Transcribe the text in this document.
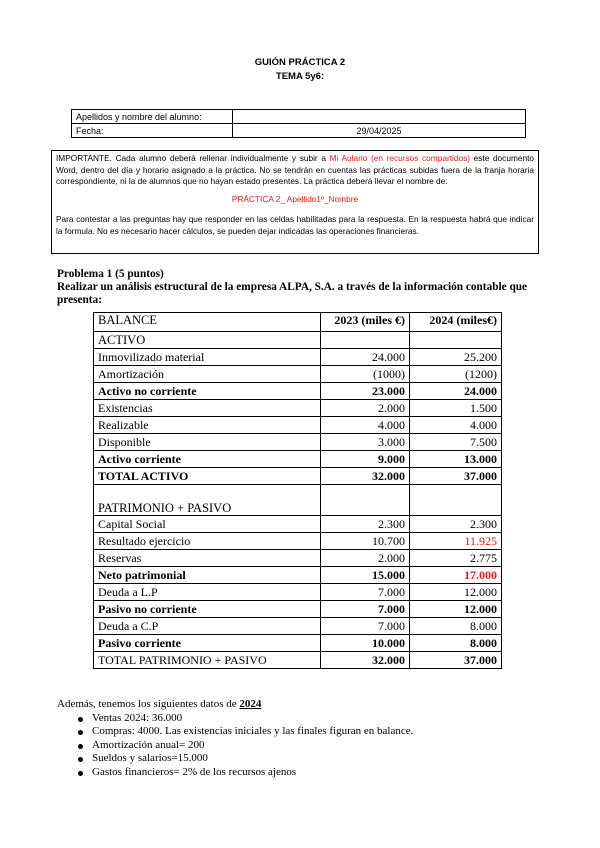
GUIÓN PRÁCTICA 2
TEMA 5y6:
Apellidos y nombre del alumno:	
Fecha:	29/04/2025

IMPORTANTE. Cada alumno deberá rellenar individualmente y subir a Mi Aulario (en recursos compartidos) este documento Word, dentro del día y horario asignado a la práctica. No se tendrán en cuentas las prácticas subidas fuera de la franja horaria correspondiente, ni la de alumnos que no hayan estado presentes. La práctica deberá llevar el nombre de:

PRÁCTICA 2_ Apellido1º_Nombre

Para contestar a las preguntas hay que responder en las celdas habilitadas para la respuesta. En la respuesta habrá que indicar la formula. No es necesario hacer cálculos, se pueden dejar indicadas las operaciones financieras.

Problema 1 (5 puntos)
Realizar un análisis estructural de la empresa ALPA, S.A. a través de la información contable que presenta:
BALANCE	2023 (miles €)	2024 (miles€)
ACTIVO		
Inmovilizado material	24.000	25.200
Amortización	(1000)	(1200)
Activo no corriente	23.000	24.000
Existencias	2.000	1.500
Realizable	4.000	4.000
Disponible	3.000	7.500
Activo corriente	9.000	13.000
TOTAL ACTIVO	32.000	37.000
PATRIMONIO + PASIVO		
Capital Social	2.300	2.300
Resultado ejercicio	10.700	11.925
Reservas	2.000	2.775
Neto patrimonial	15.000	17.000
Deuda a L.P	7.000	12.000
Pasivo no corriente	7.000	12.000
Deuda a C.P	7.000	8.000
Pasivo corriente	10.000	8.000
TOTAL PATRIMONIO + PASIVO	32.000	37.000
Además, tenemos los siguientes datos de 2024
Ventas 2024: 36.000
Compras: 4000. Las existencias iniciales y las finales figuran en balance.
Amortización anual= 200
Sueldos y salarios=15.000
Gastos financieros= 2% de los recursos ajenos
